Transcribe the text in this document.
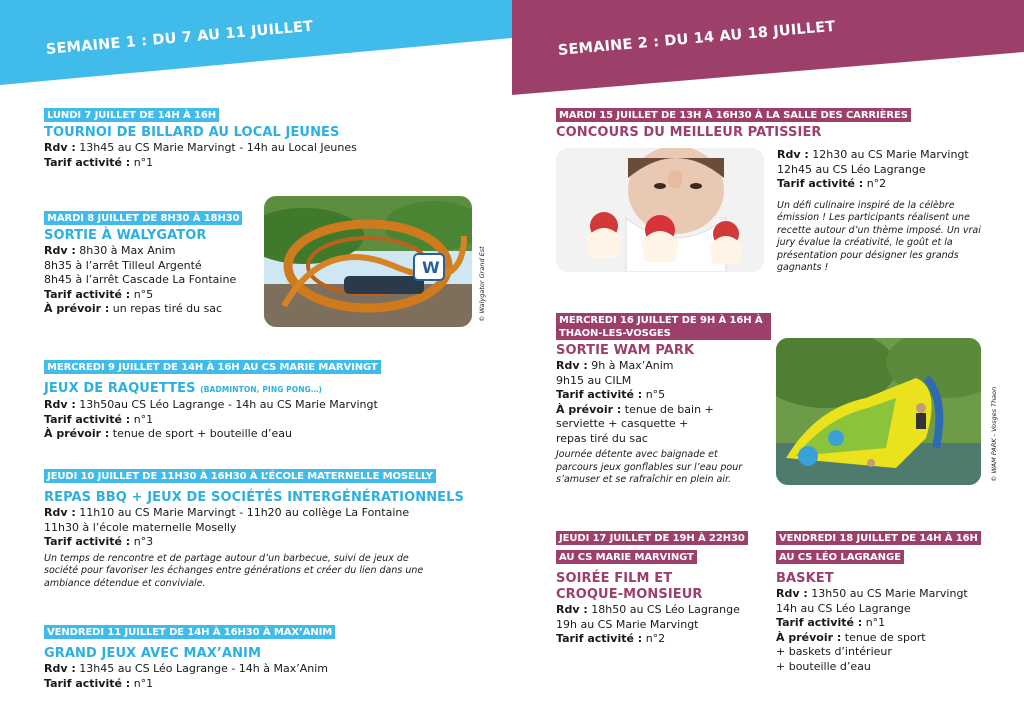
SEMAINE 1 : DU 7 AU 11 JUILLET	SEMAINE 2 : DU 14 AU 18 JUILLET
LUNDI 7 JUILLET DE 14H À 16H
TOURNOI DE BILLARD AU LOCAL JEUNES
Rdv : 13h45 au CS Marie Marvingt - 14h au Local Jeunes
Tarif activité : n°1
MARDI 8 JUILLET DE 8H30 À 18H30
SORTIE À WALYGATOR
Rdv : 8h30 à Max Anim
8h35 à l’arrêt Tilleul Argenté
8h45 à l’arrêt Cascade La Fontaine
Tarif activité : n°5
À prévoir : un repas tiré du sac
W	© Walygator Grand Est
MERCREDI 9 JUILLET DE 14H À 16H AU CS MARIE MARVINGT
JEUX DE RAQUETTES (BADMINTON, PING PONG…)
Rdv : 13h50au CS Léo Lagrange - 14h au CS Marie Marvingt
Tarif activité : n°1
À prévoir : tenue de sport + bouteille d’eau
JEUDI 10 JUILLET DE 11H30 À 16H30 À L’ÉCOLE MATERNELLE MOSELLY
REPAS BBQ + JEUX DE SOCIÉTÉS INTERGÉNÉRATIONNELS
Rdv : 11h10 au CS Marie Marvingt - 11h20 au collège La Fontaine
11h30 à l’école maternelle Moselly
Tarif activité : n°3
Un temps de rencontre et de partage autour d’un barbecue, suivi de jeux de société pour favoriser les échanges entre générations et créer du lien dans une ambiance détendue et conviviale.
VENDREDI 11 JUILLET DE 14H À 16H30 À MAX’ANIM
GRAND JEUX AVEC MAX’ANIM
Rdv : 13h45 au CS Léo Lagrange - 14h à Max’Anim
Tarif activité : n°1
MARDI 15 JUILLET DE 13H À 16H30 À LA SALLE DES CARRIÈRES
CONCOURS DU MEILLEUR PATISSIER
Rdv : 12h30 au CS Marie Marvingt
12h45 au CS Léo Lagrange
Tarif activité : n°2
Un défi culinaire inspiré de la célèbre émission ! Les participants réalisent une recette autour d’un thème imposé. Un vrai jury évalue la créativité, le goût et la présentation pour désigner les grands gagnants !
MERCREDI 16 JUILLET DE 9H À 16H À THAON-LES-VOSGES
SORTIE WAM PARK
Rdv : 9h à Max’Anim
9h15 au CILM
Tarif activité : n°5
À prévoir : tenue de bain +
serviette + casquette +
repas tiré du sac
Journée détente avec baignade et parcours jeux gonflables sur l’eau pour s’amuser et se rafraîchir en plein air.	© WAM PARK - Vosges Thaon
JEUDI 17 JUILLET DE 19H À 22H30
AU CS MARIE MARVINGT
SOIRÉE FILM ET
CROQUE-MONSIEUR
Rdv : 18h50 au CS Léo Lagrange
19h au CS Marie Marvingt
Tarif activité : n°2
VENDREDI 18 JUILLET DE 14H À 16H
AU CS LÉO LAGRANGE
BASKET
Rdv : 13h50 au CS Marie Marvingt
14h au CS Léo Lagrange
Tarif activité : n°1
À prévoir : tenue de sport
+ baskets d’intérieur
+ bouteille d’eau
